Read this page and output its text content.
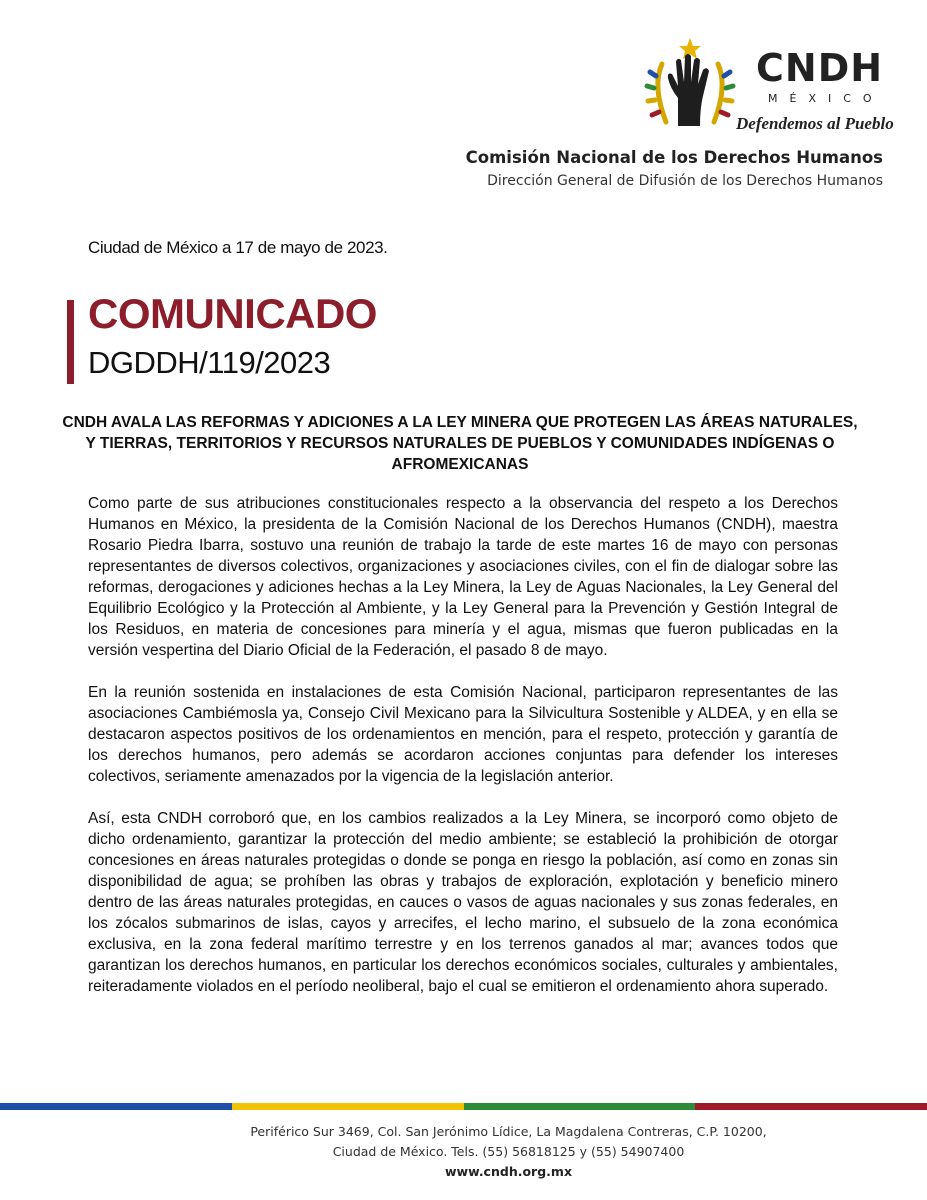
CNDH
MÉXICO
Defendemos al Pueblo
Comisión Nacional de los Derechos Humanos
Dirección General de Difusión de los Derechos Humanos
Ciudad de México a 17 de mayo de 2023.
COMUNICADO
DGDDH/119/2023
CNDH AVALA LAS REFORMAS Y ADICIONES A LA LEY MINERA QUE PROTEGEN LAS ÁREAS NATURALES, Y TIERRAS, TERRITORIOS Y RECURSOS NATURALES DE PUEBLOS Y COMUNIDADES INDÍGENAS O AFROMEXICANAS

Como parte de sus atribuciones constitucionales respecto a la observancia del respeto a los Derechos Humanos en México, la presidenta de la Comisión Nacional de los Derechos Humanos (CNDH), maestra Rosario Piedra Ibarra, sostuvo una reunión de trabajo la tarde de este martes 16 de mayo con personas representantes de diversos colectivos, organizaciones y asociaciones civiles, con el fin de dialogar sobre las reformas, derogaciones y adiciones hechas a la Ley Minera, la Ley de Aguas Nacionales, la Ley General del Equilibrio Ecológico y la Protección al Ambiente, y la Ley General para la Prevención y Gestión Integral de los Residuos, en materia de concesiones para minería y el agua, mismas que fueron publicadas en la versión vespertina del Diario Oficial de la Federación, el pasado 8 de mayo.

En la reunión sostenida en instalaciones de esta Comisión Nacional, participaron representantes de las asociaciones Cambiémosla ya, Consejo Civil Mexicano para la Silvicultura Sostenible y ALDEA, y en ella se destacaron aspectos positivos de los ordenamientos en mención, para el respeto, protección y garantía de los derechos humanos, pero además se acordaron acciones conjuntas para defender los intereses colectivos, seriamente amenazados por la vigencia de la legislación anterior.

Así, esta CNDH corroboró que, en los cambios realizados a la Ley Minera, se incorporó como objeto de dicho ordenamiento, garantizar la protección del medio ambiente; se estableció la prohibición de otorgar concesiones en áreas naturales protegidas o donde se ponga en riesgo la población, así como en zonas sin disponibilidad de agua; se prohíben las obras y trabajos de exploración, explotación y beneficio minero dentro de las áreas naturales protegidas, en cauces o vasos de aguas nacionales y sus zonas federales, en los zócalos submarinos de islas, cayos y arrecifes, el lecho marino, el subsuelo de la zona económica exclusiva, en la zona federal marítimo terrestre y en los terrenos ganados al mar; avances todos que garantizan los derechos humanos, en particular los derechos económicos sociales, culturales y ambientales, reiteradamente violados en el período neoliberal, bajo el cual se emitieron el ordenamiento ahora superado.

Periférico Sur 3469, Col. San Jerónimo Lídice, La Magdalena Contreras, C.P. 10200,
Ciudad de México. Tels. (55) 56818125 y (55) 54907400
www.cndh.org.mx
